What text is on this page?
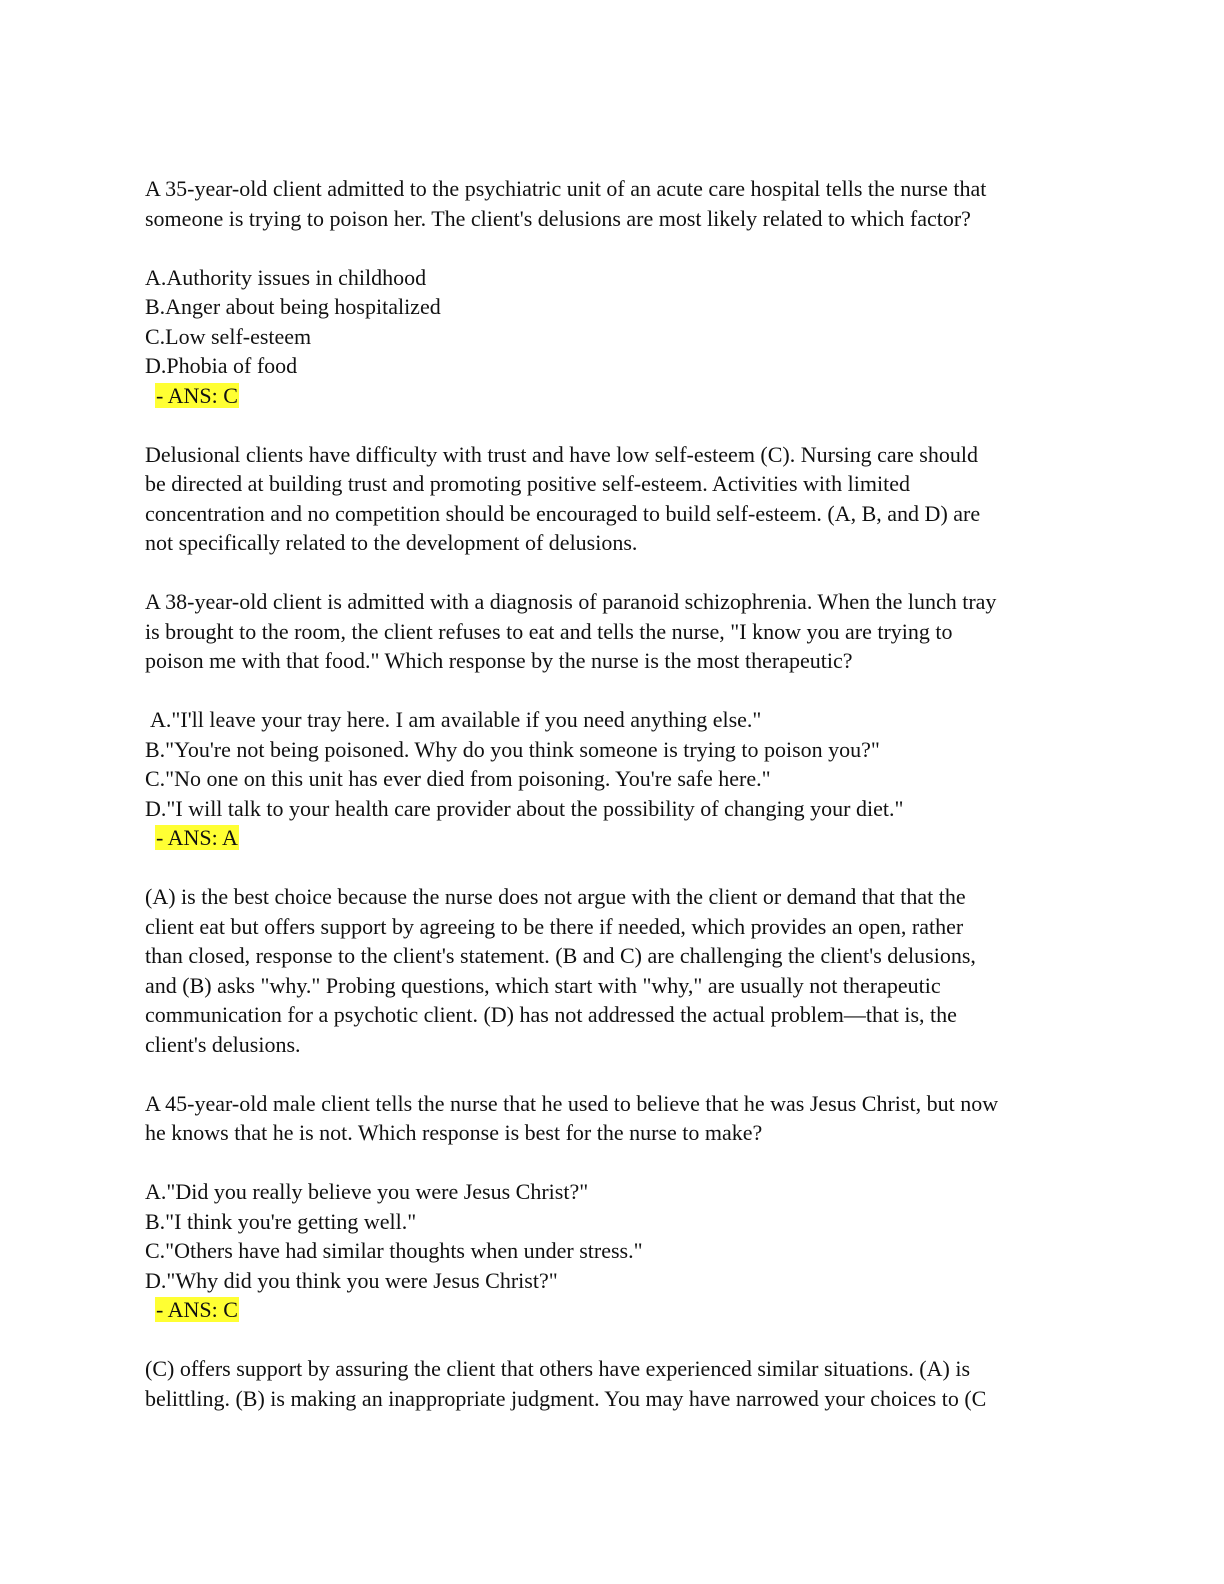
A 35-year-old client admitted to the psychiatric unit of an acute care hospital tells the nurse that
someone is trying to poison her. The client's delusions are most likely related to which factor?
A.Authority issues in childhood
B.Anger about being hospitalized
C.Low self-esteem
D.Phobia of food
- ANS: C
Delusional clients have difficulty with trust and have low self-esteem (C). Nursing care should
be directed at building trust and promoting positive self-esteem. Activities with limited
concentration and no competition should be encouraged to build self-esteem. (A, B, and D) are
not specifically related to the development of delusions.
A 38-year-old client is admitted with a diagnosis of paranoid schizophrenia. When the lunch tray
is brought to the room, the client refuses to eat and tells the nurse, "I know you are trying to
poison me with that food." Which response by the nurse is the most therapeutic?
A."I'll leave your tray here. I am available if you need anything else."
B."You're not being poisoned. Why do you think someone is trying to poison you?"
C."No one on this unit has ever died from poisoning. You're safe here."
D."I will talk to your health care provider about the possibility of changing your diet."
- ANS: A
(A) is the best choice because the nurse does not argue with the client or demand that that the
client eat but offers support by agreeing to be there if needed, which provides an open, rather
than closed, response to the client's statement. (B and C) are challenging the client's delusions,
and (B) asks "why." Probing questions, which start with "why," are usually not therapeutic
communication for a psychotic client. (D) has not addressed the actual problem—that is, the
client's delusions.
A 45-year-old male client tells the nurse that he used to believe that he was Jesus Christ, but now
he knows that he is not. Which response is best for the nurse to make?
A."Did you really believe you were Jesus Christ?"
B."I think you're getting well."
C."Others have had similar thoughts when under stress."
D."Why did you think you were Jesus Christ?"
- ANS: C
(C) offers support by assuring the client that others have experienced similar situations. (A) is
belittling. (B) is making an inappropriate judgment. You may have narrowed your choices to (C
